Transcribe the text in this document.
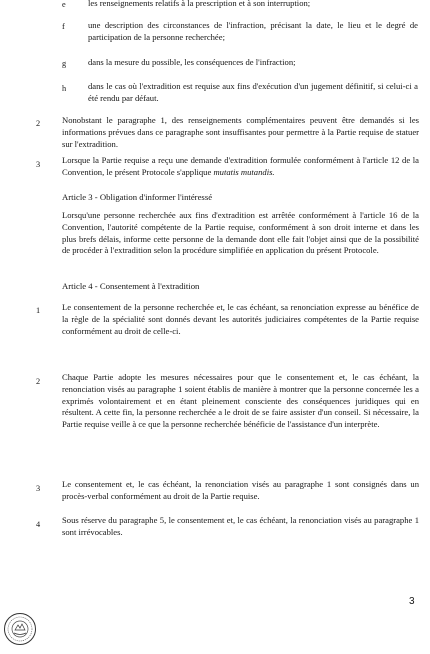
e	les renseignements relatifs à la prescription et à son interruption;
f	une description des circonstances de l'infraction, précisant la date, le lieu et le degré de participation de la personne recherchée;
g	dans la mesure du possible, les conséquences de l'infraction;
h	dans le cas où l'extradition est requise aux fins d'exécution d'un jugement définitif, si celui-ci a été rendu par défaut.
2	Nonobstant le paragraphe 1, des renseignements complémentaires peuvent être demandés si les informations prévues dans ce paragraphe sont insuffisantes pour permettre à la Partie requise de statuer sur l'extradition.
3	Lorsque la Partie requise a reçu une demande d'extradition formulée conformément à l'article 12 de la Convention, le présent Protocole s'applique mutatis mutandis.
Article 3 - Obligation d'informer l'intéressé
Lorsqu'une personne recherchée aux fins d'extradition est arrêtée conformément à l'article 16 de la Convention, l'autorité compétente de la Partie requise, conformément à son droit interne et dans les plus brefs délais, informe cette personne de la demande dont elle fait l'objet ainsi que de la possibilité de procéder à l'extradition selon la procédure simplifiée en application du présent Protocole.
Article 4 - Consentement à l'extradition
1	Le consentement de la personne recherchée et, le cas échéant, sa renonciation expresse au bénéfice de la règle de la spécialité sont donnés devant les autorités judiciaires compétentes de la Partie requise conformément au droit de celle-ci.
2	Chaque Partie adopte les mesures nécessaires pour que le consentement et, le cas échéant, la renonciation visés au paragraphe 1 soient établis de manière à montrer que la personne concernée les a exprimés volontairement et en étant pleinement consciente des conséquences juridiques qui en résultent. A cette fin, la personne recherchée a le droit de se faire assister d'un conseil. Si nécessaire, la Partie requise veille à ce que la personne recherchée bénéficie de l'assistance d'un interprète.
3	Le consentement et, le cas échéant, la renonciation visés au paragraphe 1 sont consignés dans un procès-verbal conformément au droit de la Partie requise.
4	Sous réserve du paragraphe 5, le consentement et, le cas échéant, la renonciation visés au paragraphe 1 sont irrévocables.
3
